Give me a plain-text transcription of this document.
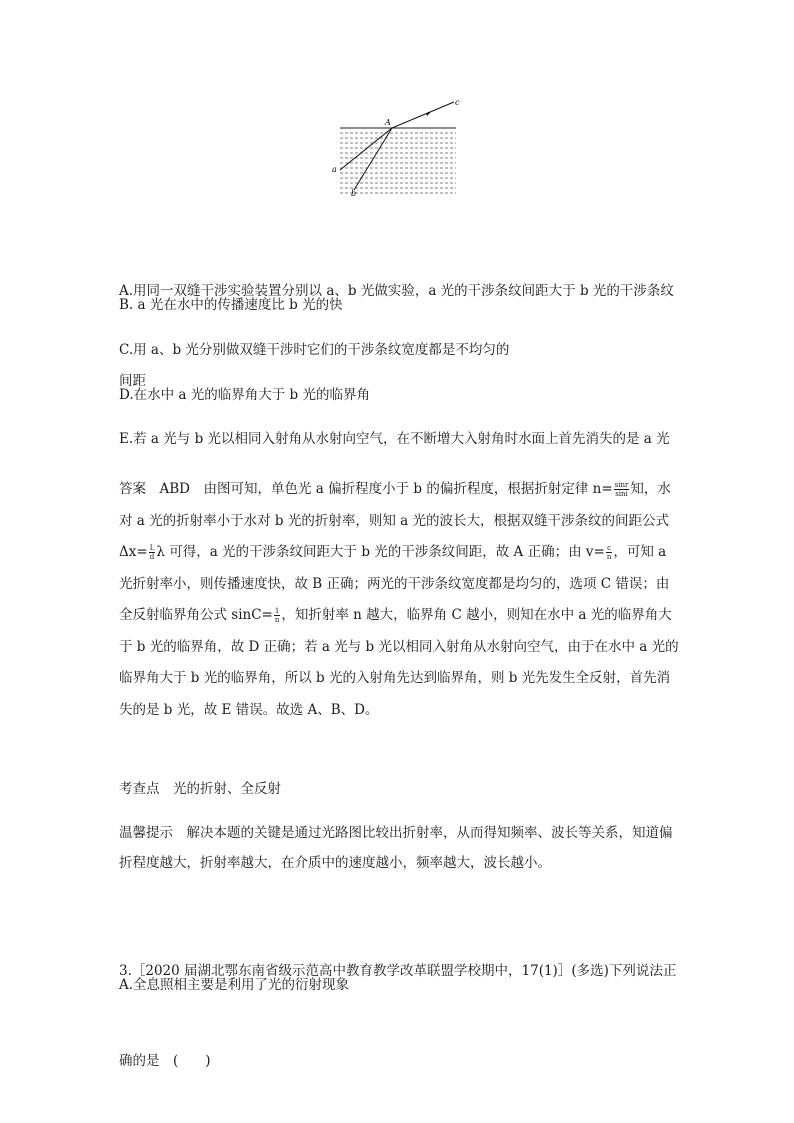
A
c
a
b

A.用同一双缝干涉实验装置分别以 a、b 光做实验，a 光的干涉条纹间距大于 b 光的干涉条纹

间距

B. a 光在水中的传播速度比 b 光的快
C.用 a、b 光分别做双缝干涉时它们的干涉条纹宽度都是不均匀的
D.在水中 a 光的临界角大于 b 光的临界角
E.若 a 光与 b 光以相同入射角从水射向空气，在不断增大入射角时水面上首先消失的是 a 光
答案　ABD　由图可知，单色光 a 偏折程度小于 b 的偏折程度，根据折射定律 $n= \frac{\sin r}{\sin i}$ 知，水对 a 光的折射率小于水对 b 光的折射率，则知 a 光的波长大，根据双缝干涉条纹的间距公式 $\Delta x= \frac{L}{d}$ λ 可得，a 光的干涉条纹间距大于 b 光的干涉条纹间距，故 A 正确；由 $v= \frac{c}{n}$ ，可知 a 光折射率小，则传播速度快，故 B 正确；两光的干涉条纹宽度都是均匀的，选项 C 错误；由全反射临界角公式 $\sin C= \frac{1}{n}$ ，知折射率 n 越大，临界角 C 越小，则知在水中 a 光的临界角大于 b 光的临界角，故 D 正确；若 a 光与 b 光以相同入射角从水射向空气，由于在水中 a 光的临界角大于 b 光的临界角，所以 b 光的入射角先达到临界角，则 b 光先发生全反射，首先消失的是 b 光，故 E 错误。故选 A、B、D。
考查点　光的折射、全反射
温馨提示　解决本题的关键是通过光路图比较出折射率，从而得知频率、波长等关系，知道偏折程度越大，折射率越大，在介质中的速度越小，频率越大，波长越小。

3.［2020 届湖北鄂东南省级示范高中教育教学改革联盟学校期中，17(1)］(多选)下列说法正

确的是　(　　)

A.全息照相主要是利用了光的衍射现象
